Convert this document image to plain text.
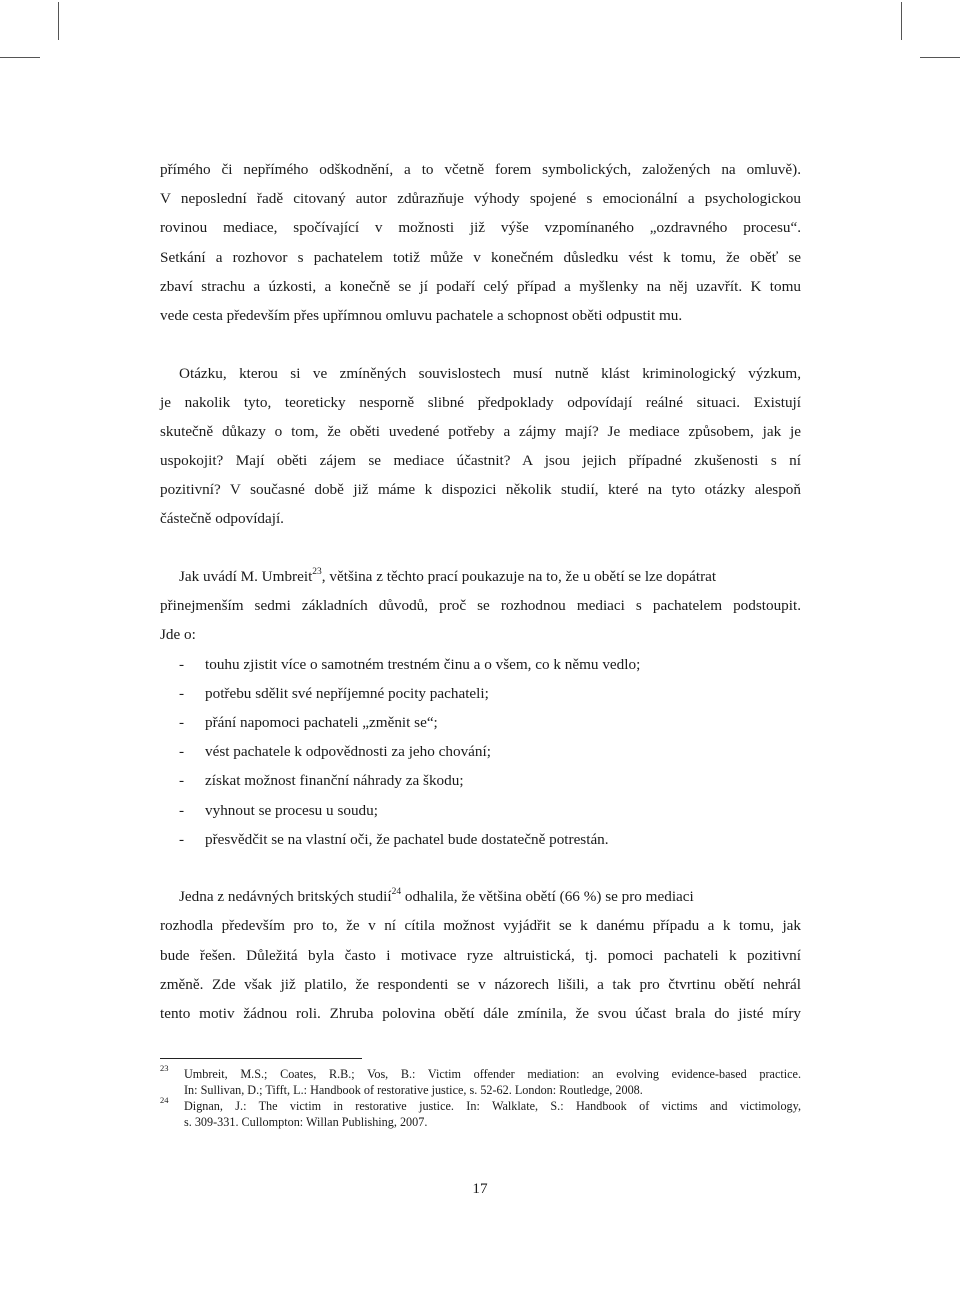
přímého či nepřímého odškodnění, a to včetně forem symbolických, založených na omluvě).
V neposlední řadě citovaný autor zdůrazňuje výhody spojené s emocionální a psychologickou
rovinou mediace, spočívající v možnosti již výše vzpomínaného „ozdravného procesu“.
Setkání a rozhovor s pachatelem totiž může v konečném důsledku vést k tomu, že oběť se
zbaví strachu a úzkosti, a konečně se jí podaří celý případ a myšlenky na něj uzavřít. K tomu
vede cesta především přes upřímnou omluvu pachatele a schopnost oběti odpustit mu.
Otázku, kterou si ve zmíněných souvislostech musí nutně klást kriminologický výzkum,
je nakolik tyto, teoreticky nesporně slibné předpoklady odpovídají reálné situaci. Existují
skutečně důkazy o tom, že oběti uvedené potřeby a zájmy mají? Je mediace způsobem, jak je
uspokojit? Mají oběti zájem se mediace účastnit? A jsou jejich případné zkušenosti s ní
pozitivní? V současné době již máme k dispozici několik studií, které na tyto otázky alespoň
částečně odpovídají.
Jak uvádí M. Umbreit$^{23}$, většina z těchto prací poukazuje na to, že u obětí se lze dopátrat
přinejmenším sedmi základních důvodů, proč se rozhodnou mediaci s pachatelem podstoupit.
Jde o:
- touhu zjistit více o samotném trestném činu a o všem, co k němu vedlo;
- potřebu sdělit své nepříjemné pocity pachateli;
- přání napomoci pachateli „změnit se“;
- vést pachatele k odpovědnosti za jeho chování;
- získat možnost finanční náhrady za škodu;
- vyhnout se procesu u soudu;
- přesvědčit se na vlastní oči, že pachatel bude dostatečně potrestán.
Jedna z nedávných britských studií$^{24}$ odhalila, že většina obětí (66 %) se pro mediaci
rozhodla především pro to, že v ní cítila možnost vyjádřit se k danému případu a k tomu, jak
bude řešen. Důležitá byla často i motivace ryze altruistická, tj. pomoci pachateli k pozitivní
změně. Zde však již platilo, že respondenti se v názorech lišili, a tak pro čtvrtinu obětí nehrál
tento motiv žádnou roli. Zhruba polovina obětí dále zmínila, že svou účast brala do jisté míry
23	Umbreit, M.S.; Coates, R.B.; Vos, B.: Victim offender mediation: an evolving evidence-based practice.
In: Sullivan, D.; Tifft, L.: Handbook of restorative justice, s. 52-62. London: Routledge, 2008.
24	Dignan, J.: The victim in restorative justice. In: Walklate, S.: Handbook of victims and victimology,
s. 309-331. Cullompton: Willan Publishing, 2007.
17
